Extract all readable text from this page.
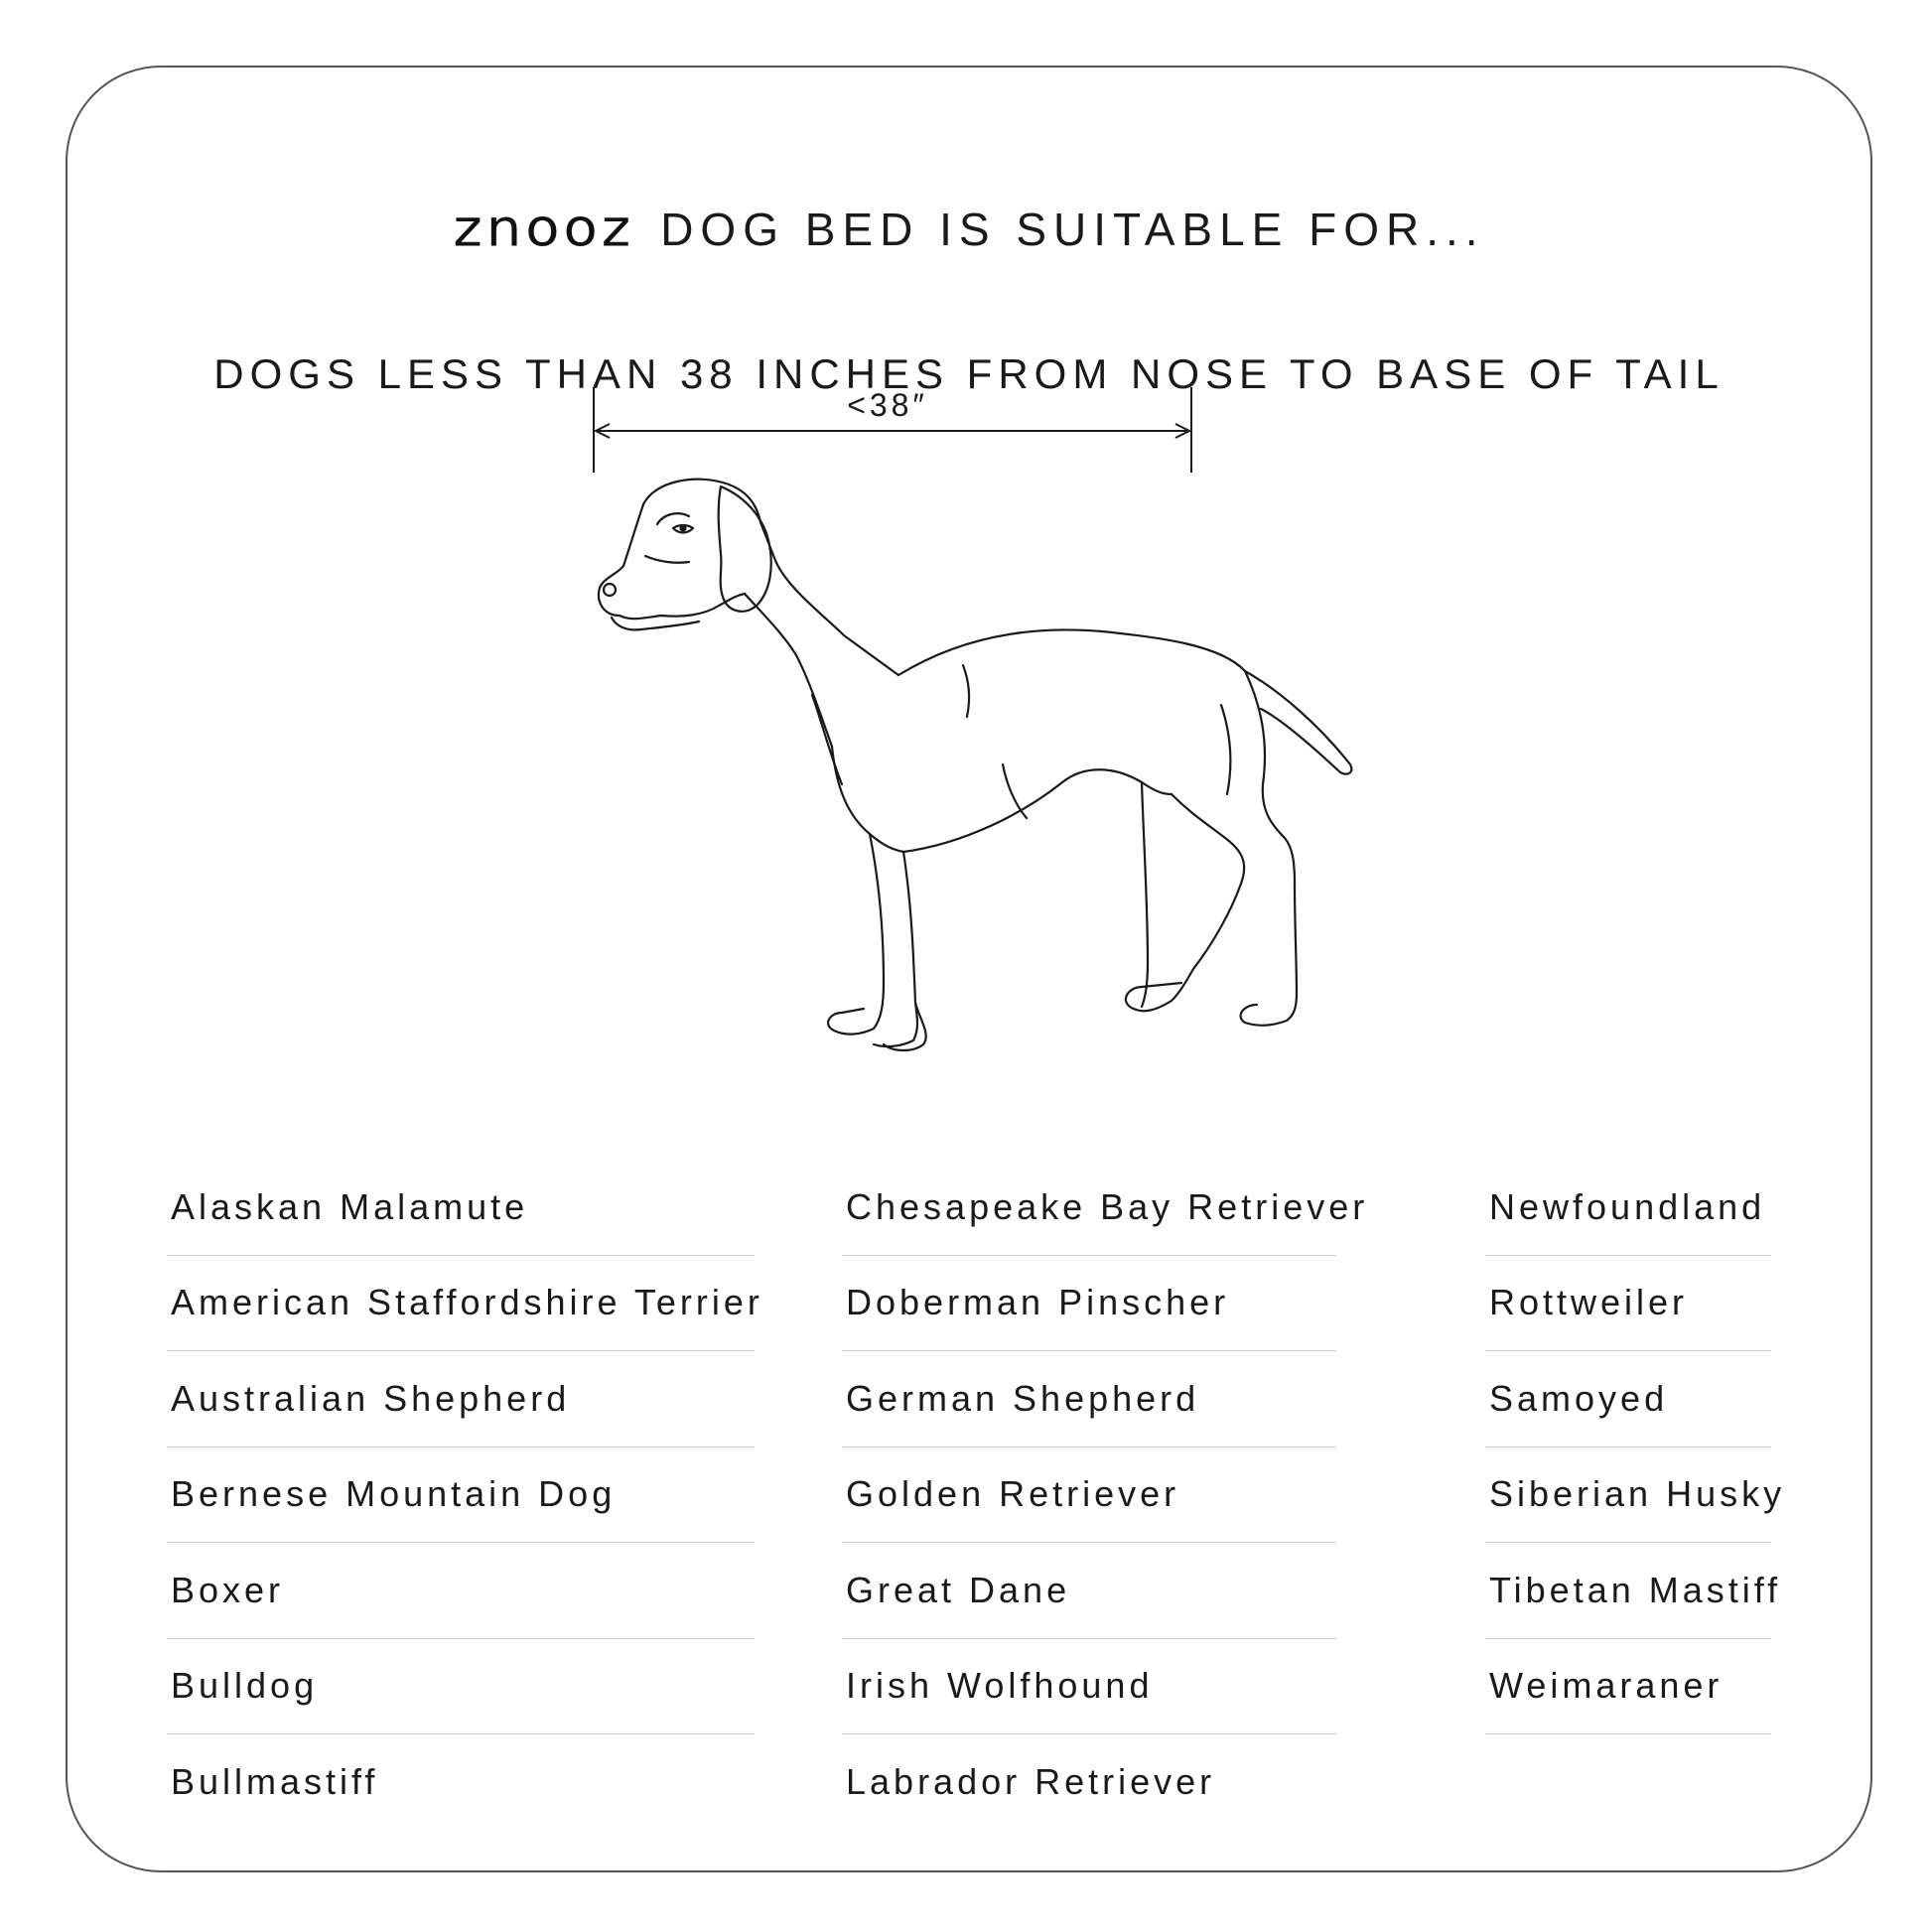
znooz DOG BED IS SUITABLE FOR...
DOGS LESS THAN 38 INCHES FROM NOSE TO BASE OF TAIL
<38″
Alaskan Malamute
American Staffordshire Terrier
Australian Shepherd
Bernese Mountain Dog
Boxer
Bulldog
Bullmastiff
Chesapeake Bay Retriever
Doberman Pinscher
German Shepherd
Golden Retriever
Great Dane
Irish Wolfhound
Labrador Retriever
Newfoundland
Rottweiler
Samoyed
Siberian Husky
Tibetan Mastiff
Weimaraner
